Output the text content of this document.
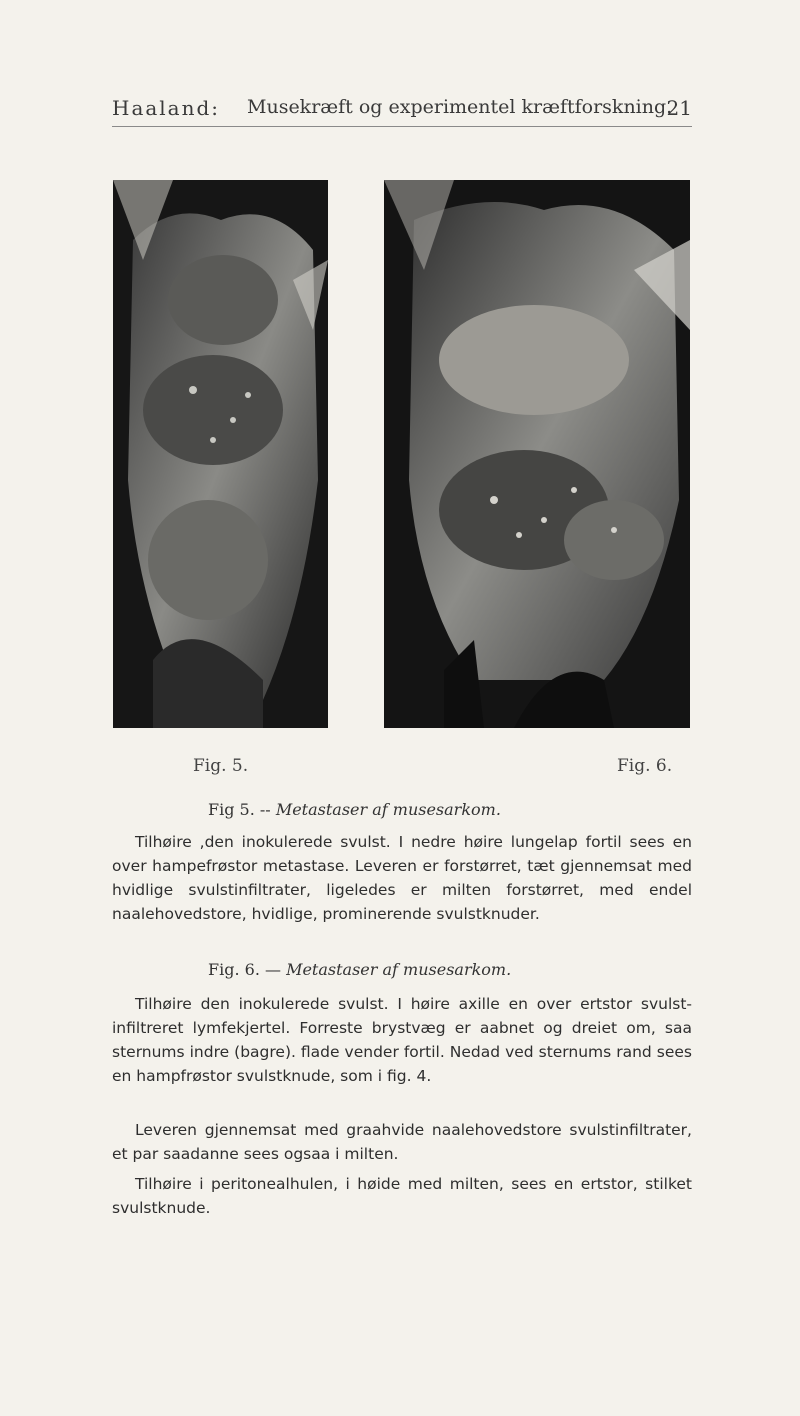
Haaland: Musekræft og experimentel kræftforskning.
21
Fig. 5.	Fig. 6.
Fig 5. -- Metastaser af musesarkom.
Tilhøire ,den inokulerede svulst. I nedre høire lungelap fortil sees en over hampefrøstor metastase. Leveren er forstørret, tæt gjennemsat med hvidlige svulstinfiltrater, ligeledes er milten forstørret, med endel naalehovedstore, hvidlige, prominerende svulstknuder.
Fig. 6. — Metastaser af musesarkom.
Tilhøire den inokulerede svulst. I høire axille en over ertstor svulst-infiltreret lymfekjertel. Forreste brystvæg er aabnet og dreiet om, saa sternums indre (bagre). flade vender fortil. Nedad ved sternums rand sees en hampfrøstor svulstknude, som i fig. 4.
Leveren gjennemsat med graahvide naalehovedstore svulstinfiltrater, et par saadanne sees ogsaa i milten.
Tilhøire i peritonealhulen, i høide med milten, sees en ertstor, stilket svulstknude.
